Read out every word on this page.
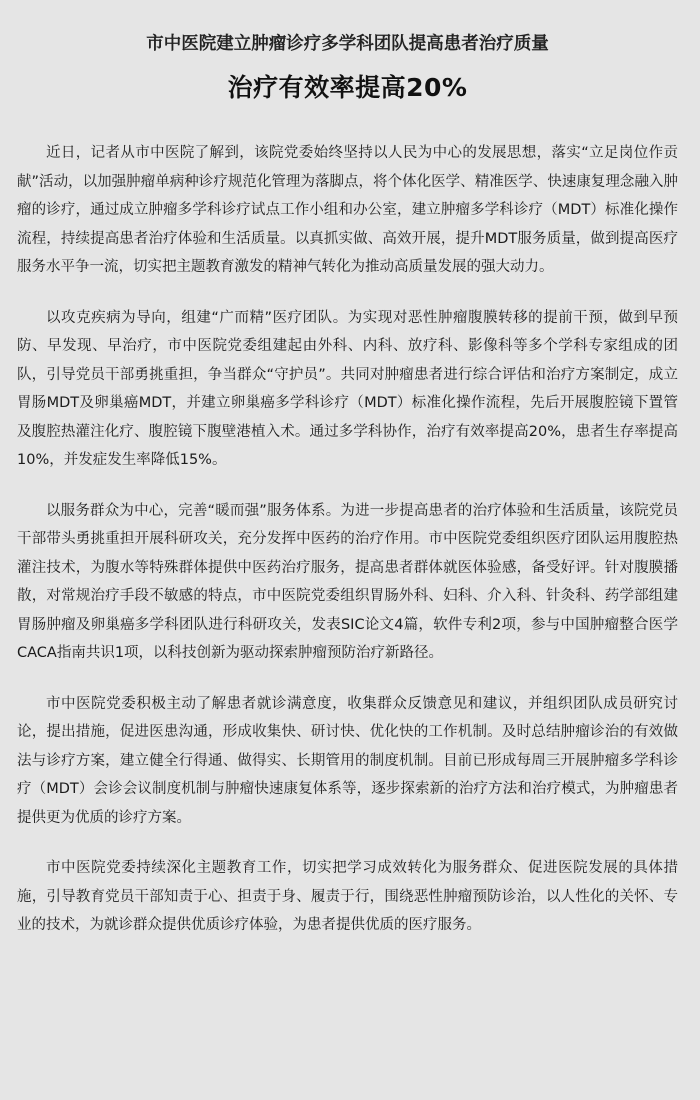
市中医院建立肿瘤诊疗多学科团队提高患者治疗质量
治疗有效率提高20%

近日，记者从市中医院了解到，该院党委始终坚持以人民为中心的发展思想，落实“立足岗位作贡献”活动，以加强肿瘤单病种诊疗规范化管理为落脚点，将个体化医学、精准医学、快速康复理念融入肿瘤的诊疗，通过成立肿瘤多学科诊疗试点工作小组和办公室，建立肿瘤多学科诊疗（MDT）标准化操作流程，持续提高患者治疗体验和生活质量。以真抓实做、高效开展，提升MDT服务质量，做到提高医疗服务水平争一流，切实把主题教育激发的精神气转化为推动高质量发展的强大动力。

以攻克疾病为导向，组建“广而精”医疗团队。为实现对恶性肿瘤腹膜转移的提前干预，做到早预防、早发现、早治疗，市中医院党委组建起由外科、内科、放疗科、影像科等多个学科专家组成的团队，引导党员干部勇挑重担，争当群众“守护员”。共同对肿瘤患者进行综合评估和治疗方案制定，成立胃肠MDT及卵巢癌MDT，并建立卵巢癌多学科诊疗（MDT）标准化操作流程，先后开展腹腔镜下置管及腹腔热灌注化疗、腹腔镜下腹壁港植入术。通过多学科协作，治疗有效率提高20%，患者生存率提高10%，并发症发生率降低15%。

以服务群众为中心，完善“暖而强”服务体系。为进一步提高患者的治疗体验和生活质量，该院党员干部带头勇挑重担开展科研攻关，充分发挥中医药的治疗作用。市中医院党委组织医疗团队运用腹腔热灌注技术，为腹水等特殊群体提供中医药治疗服务，提高患者群体就医体验感，备受好评。针对腹膜播散，对常规治疗手段不敏感的特点，市中医院党委组织胃肠外科、妇科、介入科、针灸科、药学部组建胃肠肿瘤及卵巢癌多学科团队进行科研攻关，发表SIC论文4篇，软件专利2项，参与中国肿瘤整合医学CACA指南共识1项，以科技创新为驱动探索肿瘤预防治疗新路径。

市中医院党委积极主动了解患者就诊满意度，收集群众反馈意见和建议，并组织团队成员研究讨论，提出措施，促进医患沟通，形成收集快、研讨快、优化快的工作机制。及时总结肿瘤诊治的有效做法与诊疗方案，建立健全行得通、做得实、长期管用的制度机制。目前已形成每周三开展肿瘤多学科诊疗（MDT）会诊会议制度机制与肿瘤快速康复体系等，逐步探索新的治疗方法和治疗模式，为肿瘤患者提供更为优质的诊疗方案。

市中医院党委持续深化主题教育工作，切实把学习成效转化为服务群众、促进医院发展的具体措施，引导教育党员干部知责于心、担责于身、履责于行，围绕恶性肿瘤预防诊治，以人性化的关怀、专业的技术，为就诊群众提供优质诊疗体验，为患者提供优质的医疗服务。
